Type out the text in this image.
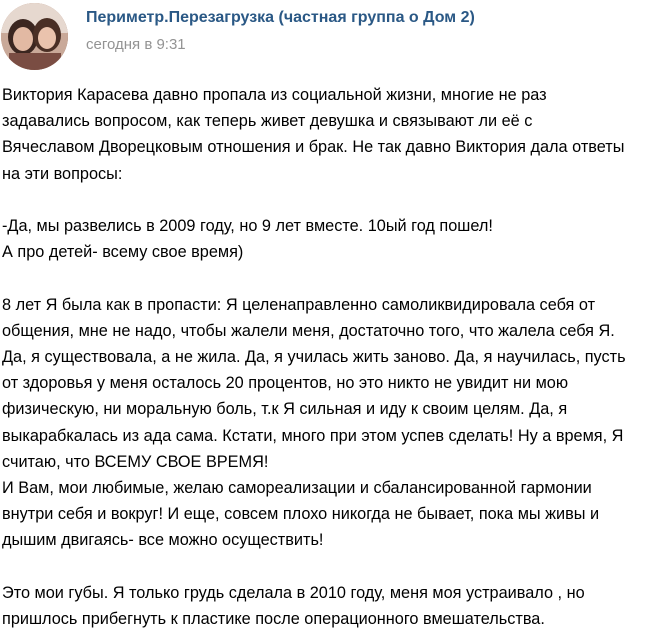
Периметр.Перезагрузка (частная группа о Дом 2)
сегодня в 9:31
Виктория Карасева давно пропала из социальной жизни, многие не раз
задавались вопросом, как теперь живет девушка и связывают ли её с
Вячеславом Дворецковым отношения и брак. Не так давно Виктория дала ответы
на эти вопросы:
-Да, мы развелись в 2009 году, но 9 лет вместе. 10ый год пошел!
А про детей- всему свое время)
8 лет Я была как в пропасти: Я целенаправленно самоликвидировала себя от
общения, мне не надо, чтобы жалели меня, достаточно того, что жалела себя Я.
Да, я существовала, а не жила. Да, я училась жить заново. Да, я научилась, пусть
от здоровья у меня осталось 20 процентов, но это никто не увидит ни мою
физическую, ни моральную боль, т.к Я сильная и иду к своим целям. Да, я
выкарабкалась из ада сама. Кстати, много при этом успев сделать! Ну а время, Я
считаю, что ВСЕМУ СВОЕ ВРЕМЯ!
И Вам, мои любимые, желаю самореализации и сбалансированной гармонии
внутри себя и вокруг! И еще, совсем плохо никогда не бывает, пока мы живы и
дышим двигаясь- все можно осуществить!
Это мои губы. Я только грудь сделала в 2010 году, меня моя устраивало , но
пришлось прибегнуть к пластике после операционного вмешательства.
